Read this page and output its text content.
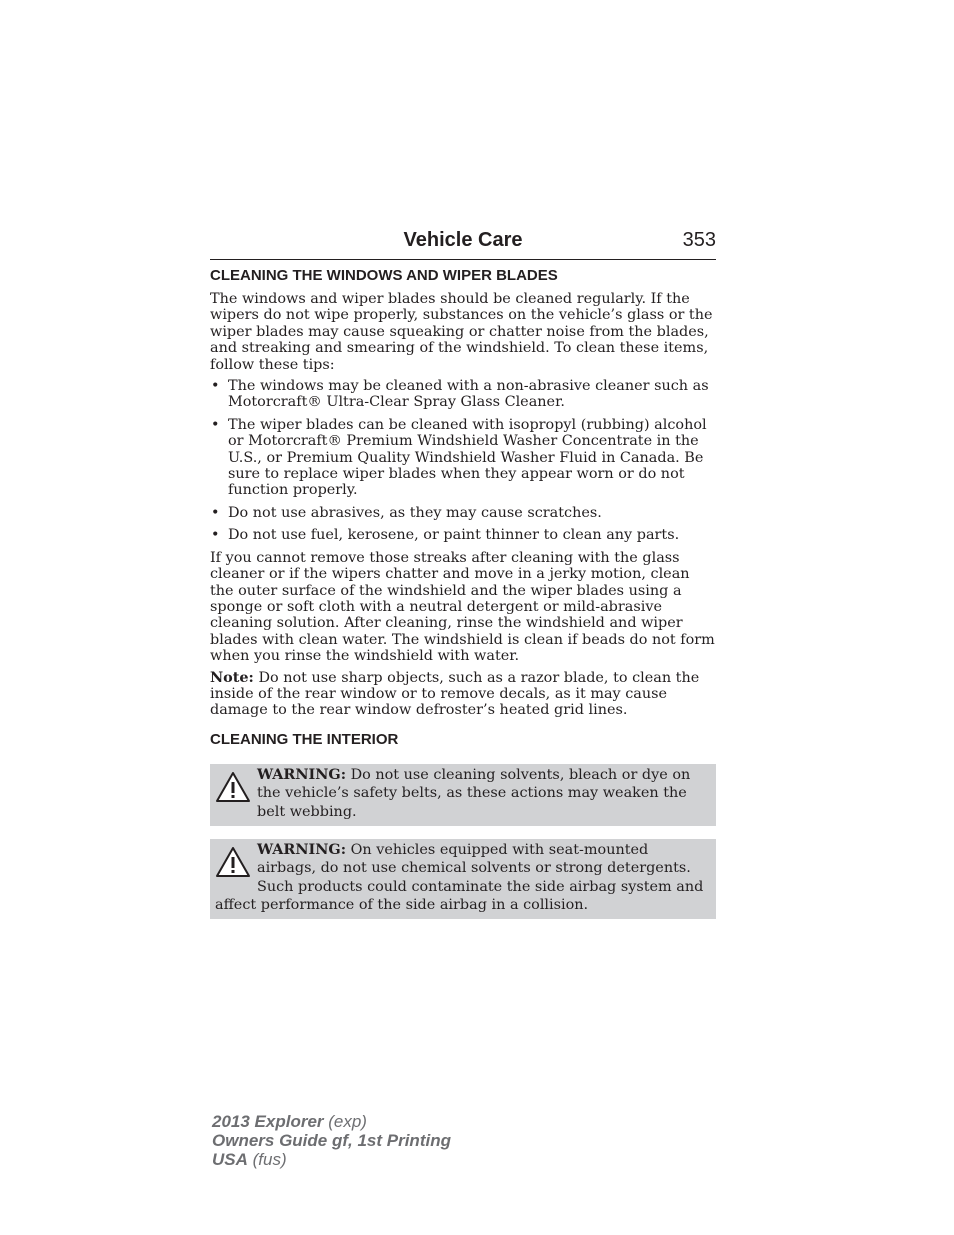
Vehicle Care	353
CLEANING THE WINDOWS AND WIPER BLADES

The windows and wiper blades should be cleaned regularly. If the wipers do not wipe properly, substances on the vehicle’s glass or the wiper blades may cause squeaking or chatter noise from the blades, and streaking and smearing of the windshield. To clean these items, follow these tips:

• The windows may be cleaned with a non-abrasive cleaner such as Motorcraft® Ultra-Clear Spray Glass Cleaner.
• The wiper blades can be cleaned with isopropyl (rubbing) alcohol or Motorcraft® Premium Windshield Washer Concentrate in the U.S., or Premium Quality Windshield Washer Fluid in Canada. Be sure to replace wiper blades when they appear worn or do not function properly.
• Do not use abrasives, as they may cause scratches.
• Do not use fuel, kerosene, or paint thinner to clean any parts.

If you cannot remove those streaks after cleaning with the glass cleaner or if the wipers chatter and move in a jerky motion, clean the outer surface of the windshield and the wiper blades using a sponge or soft cloth with a neutral detergent or mild-abrasive cleaning solution. After cleaning, rinse the windshield and wiper blades with clean water. The windshield is clean if beads do not form when you rinse the windshield with water.

Note: Do not use sharp objects, such as a razor blade, to clean the inside of the rear window or to remove decals, as it may cause damage to the rear window defroster’s heated grid lines.

CLEANING THE INTERIOR
WARNING: Do not use cleaning solvents, bleach or dye on the vehicle’s safety belts, as these actions may weaken the belt webbing.
WARNING: On vehicles equipped with seat-mounted airbags, do not use chemical solvents or strong detergents. Such products could contaminate the side airbag system and affect performance of the side airbag in a collision.
2013 Explorer (exp)
Owners Guide gf, 1st Printing
USA (fus)
